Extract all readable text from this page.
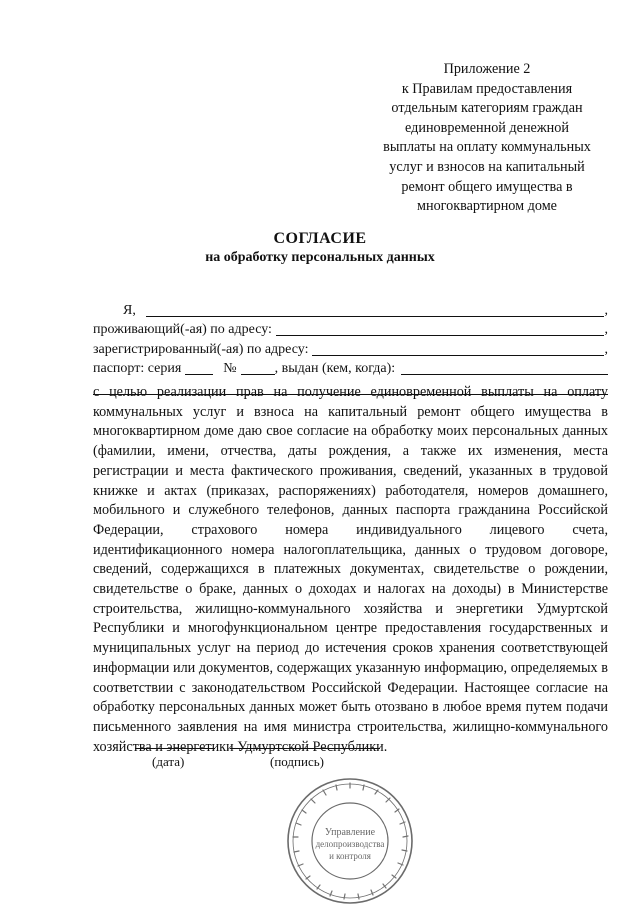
Приложение 2
к Правилам предоставления
отдельным категориям граждан
единовременной денежной
выплаты на оплату коммунальных
услуг и взносов на капитальный
ремонт общего имущества в
многоквартирном доме
СОГЛАСИЕ
на обработку персональных данных
Я,	,
проживающий(-ая) по адресу:	,
зарегистрированный(-ая) по адресу:	,
паспорт: серия	№	, выдан (кем, когда):

с целью реализации прав на получение единовременной выплаты на оплату коммунальных услуг и взноса на капитальный ремонт общего имущества в многоквартирном доме даю свое согласие на обработку моих персональных данных (фамилии, имени, отчества, даты рождения, а также их изменения, места регистрации и места фактического проживания, сведений, указанных в трудовой книжке и актах (приказах, распоряжениях) работодателя, номеров домашнего, мобильного и служебного телефонов, данных паспорта гражданина Российской Федерации, страхового номера индивидуального лицевого счета, идентификационного номера налогоплательщика, данных о трудовом договоре, сведений, содержащихся в платежных документах, свидетельстве о рождении, свидетельстве о браке, данных о доходах и налогах на доходы) в Министерстве строительства, жилищно-коммунального хозяйства и энергетики Удмуртской Республики и многофункциональном центре предоставления государственных и муниципальных услуг на период до истечения сроков хранения соответствующей информации или документов, содержащих указанную информацию, определяемых в соответствии с законодательством Российской Федерации. Настоящее согласие на обработку персональных данных может быть отозвано в любое время путем подачи письменного заявления на имя министра строительства, жилищно-коммунального хозяйства и энергетики Удмуртской Республики.

(дата)	(подпись)
Управление
делопроизводства
и контроля
